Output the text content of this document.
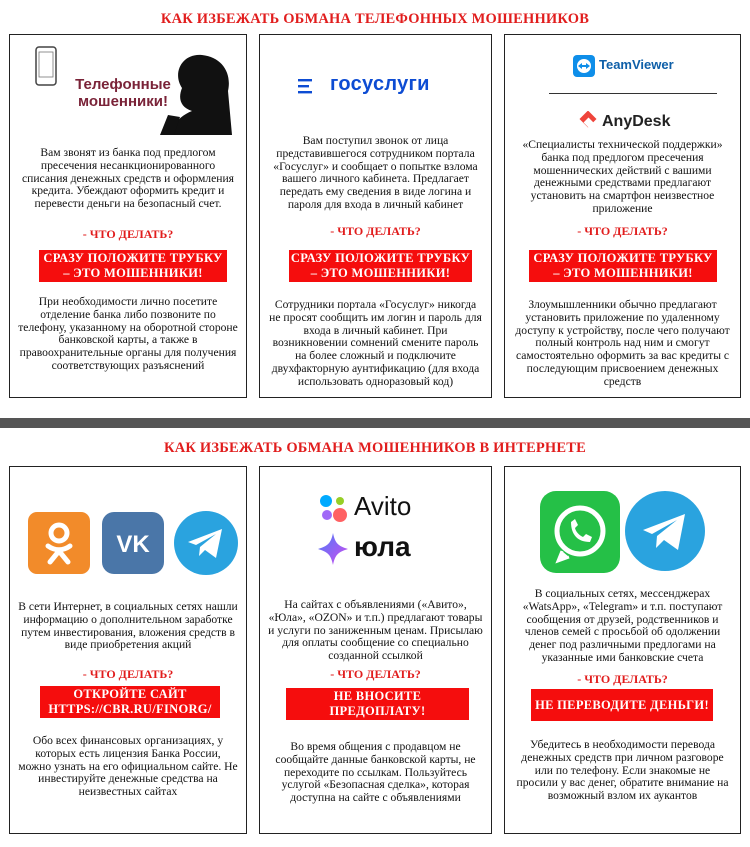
КАК ИЗБЕЖАТЬ ОБМАНА ТЕЛЕФОННЫХ МОШЕННИКОВ
Телефонные
мошенники!
Вам звонят из банка под предлогом пресечения несанкционированного списания денежных средств и оформления кредита. Убеждают оформить кредит и перевести деньги на безопасный счет.
- ЧТО ДЕЛАТЬ?
СРАЗУ ПОЛОЖИТЕ ТРУБКУ – ЭТО МОШЕННИКИ!
При необходимости лично посетите отделение банка либо позвоните по телефону, указанному на оборотной стороне банковской карты, а также в правоохранительные органы для получения соответствующих разъяснений
госуслуги
Вам поступил звонок от лица представившегося сотрудником портала «Госуслуг» и сообщает о попытке взлома вашего личного кабинета. Предлагает передать ему сведения в виде логина и пароля для входа в личный кабинет
- ЧТО ДЕЛАТЬ?
СРАЗУ ПОЛОЖИТЕ ТРУБКУ – ЭТО МОШЕННИКИ!
Сотрудники портала «Госуслуг» никогда не просят сообщить им логин и пароль для входа в личный кабинет. При возникновении сомнений смените пароль на более сложный и подключите двухфакторную аунтификацию (для входа использовать одноразовый код)
TeamViewer
AnyDesk
«Специалисты технической поддержки» банка под предлогом пресечения мошеннических действий с вашими денежными средствами предлагают установить на смартфон неизвестное приложение
- ЧТО ДЕЛАТЬ?
СРАЗУ ПОЛОЖИТЕ ТРУБКУ – ЭТО МОШЕННИКИ!
Злоумышленники обычно предлагают установить приложение по удаленному доступу к устройству, после чего получают полный контроль над ним и смогут самостоятельно оформить за вас кредиты с последующим присвоением денежных средств
КАК ИЗБЕЖАТЬ ОБМАНА МОШЕННИКОВ В ИНТЕРНЕТЕ
VK
В сети Интернет, в социальных сетях нашли информацию о дополнительном заработке путем инвестирования, вложения средств в виде приобретения акций
- ЧТО ДЕЛАТЬ?
ОТКРОЙТЕ САЙТ HTTPS://CBR.RU/FINORG/
Обо всех финансовых организациях, у которых есть лицензия Банка России, можно узнать на его официальном сайте. Не инвестируйте денежные средства на неизвестных сайтах
Avito
юла
На сайтах с объявлениями («Авито», «Юла», «OZON» и т.п.) предлагают товары и услуги по заниженным ценам. Присылаю для оплаты сообщение со специально созданной ссылкой
- ЧТО ДЕЛАТЬ?
НЕ ВНОСИТЕ ПРЕДОПЛАТУ!
Во время общения с продавцом не сообщайте данные банковской карты, не переходите по ссылкам. Пользуйтесь услугой «Безопасная сделка», которая доступна на сайте с объявлениями
В социальных сетях, мессенджерах «WatsApp», «Telegram» и т.п. поступают сообщения от друзей, родственников и членов семей с просьбой об одолжении денег под различными предлогами на указанные ими банковские счета
- ЧТО ДЕЛАТЬ?
НЕ ПЕРЕВОДИТЕ ДЕНЬГИ!
Убедитесь в необходимости перевода денежных средств при личном разговоре или по телефону. Если знакомые не просили у вас денег, обратите внимание на возможный взлом их аукантов
